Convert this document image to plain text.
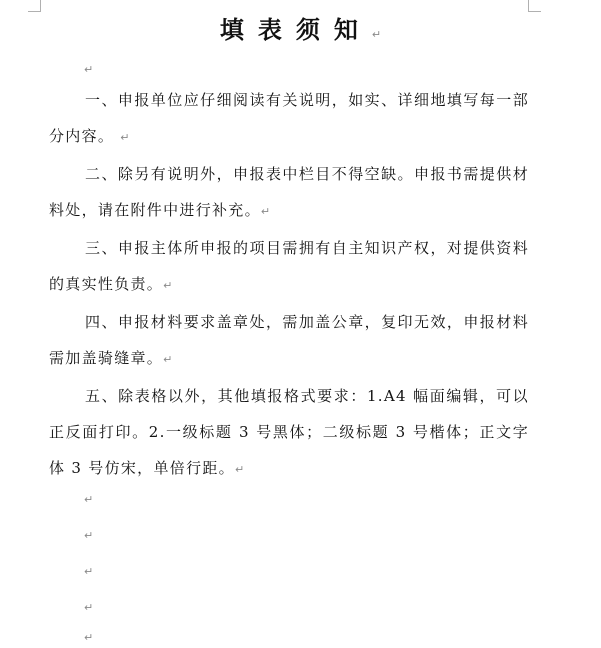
填表须知↵
↵

一、申报单位应仔细阅读有关说明，如实、详细地填写每一部分内容。 ↵

二、除另有说明外，申报表中栏目不得空缺。申报书需提供材料处，请在附件中进行补充。↵

三、申报主体所申报的项目需拥有自主知识产权，对提供资料的真实性负责。↵

四、申报材料要求盖章处，需加盖公章，复印无效，申报材料需加盖骑缝章。↵

五、除表格以外，其他填报格式要求：1.A4 幅面编辑，可以正反面打印。2.一级标题 3 号黑体；二级标题 3 号楷体；正文字体 3 号仿宋，单倍行距。↵

↵
↵
↵
↵
↵
